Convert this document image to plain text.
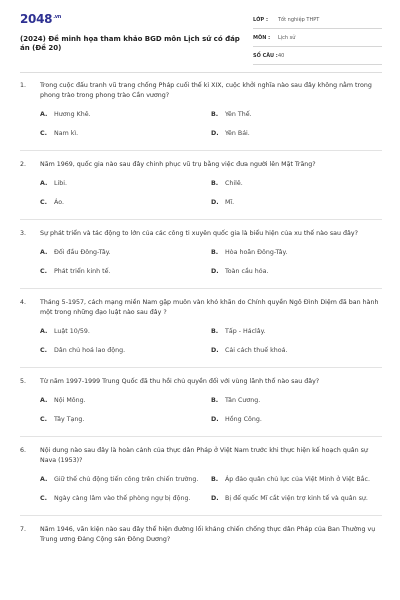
$2048^{.vn}$
(2024) Đề minh họa tham khảo BGD môn Lịch sử có đáp án (Đề 20)
LỚP : Tốt nghiệp THPT
MÔN : Lịch sử
SỐ CÂU : 40
1.	Trong cuộc đấu tranh vũ trang chống Pháp cuối thế kỉ XIX, cuộc khởi nghĩa nào sau đây không nằm trong phong trào trong phong trào Cần vương?
A.	Hương Khê.	B.	Yên Thế.
C.	Nam kì.	D.	Yên Bái.
2.	Năm 1969, quốc gia nào sau đây chinh phục vũ trụ bằng việc đưa người lên Mặt Trăng?
A.	Libi.	B.	Chilê.
C.	Áo.	D.	Mĩ.
3.	Sự phát triển và tác động to lớn của các công ti xuyên quốc gia là biểu hiện của xu thế nào sau đây?
A.	Đối đầu Đông-Tây.	B.	Hòa hoãn Đông-Tây.
C.	Phát triển kinh tế.	D.	Toàn cầu hóa.
4.	Tháng 5-1957, cách mạng miền Nam gặp muôn vàn khó khăn do Chính quyền Ngô Đình Diệm đã ban hành một trong những đạo luật nào sau đây ?
A.	Luật 10/59.	B.	Tấp - Háclây.
C.	Dân chủ hoá lao động.	D.	Cải cách thuế khoá.
5.	Từ năm 1997-1999 Trung Quốc đã thu hồi chủ quyền đối với vùng lãnh thổ nào sau đây?
A.	Nội Mông.	B.	Tân Cương.
C.	Tây Tạng.	D.	Hồng Công.
6.	Nội dung nào sau đây là hoàn cảnh của thực dân Pháp ở Việt Nam trước khi thực hiện kế hoạch quân sự Nava (1953)?
A.	Giữ thế chủ động tiến công trên chiến trường.	B.	Áp đảo quân chủ lực của Việt Minh ở Việt Bắc.
C.	Ngày càng lâm vào thế phòng ngự bị động.	D.	Bị đế quốc Mĩ cắt viện trợ kinh tế và quân sự.
7.	Năm 1946, văn kiện nào sau đây thể hiện đường lối kháng chiến chống thực dân Pháp của Ban Thường vụ Trung ương Đảng Cộng sản Đông Dương?
